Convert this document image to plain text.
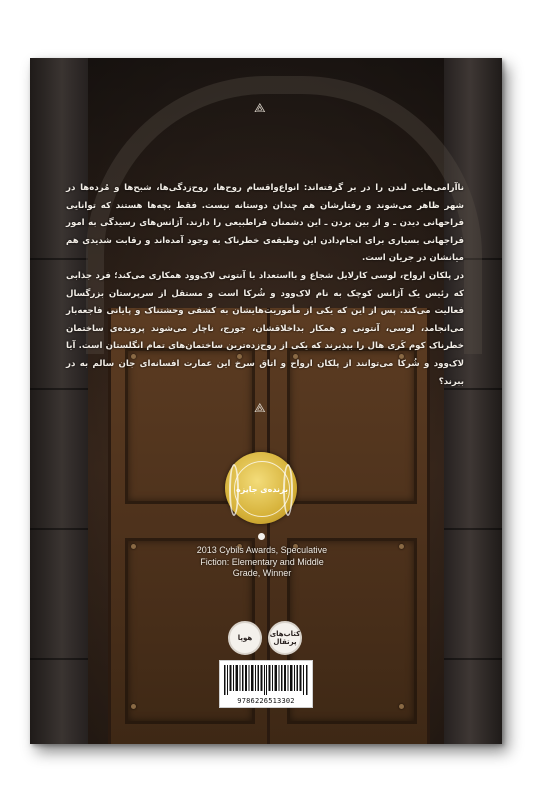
⟁

ناآرامی‌هایی لندن را در بر گرفته‌اند: انواع‌واقسام روح‌ها، روح‌زدگی‌ها، شبح‌ها و مُرده‌ها در شهر ظاهر می‌شوند و رفتارشان هم چندان دوستانه نیست. فقط بچه‌ها هستند که توانایی فراحهانی دیدن ـ و از بین بردن ـ این دشمنان فراطبیعی را دارند. آژانس‌های رسیدگی به امور فراجهانی بسیاری برای انجام‌دادن این وظیفه‌ی خطرناک به وجود آمده‌اند و رقابت شدیدی هم میانشان در جریان است.

در پلکان ارواح، لوسی کارلایل شجاع و بااستعداد با آنتونی لاک‌وود همکاری می‌کند؛ فرد جذابی که رئیس یک آژانس کوچک به نام لاک‌وود و شُرکا است و مستقل از سرپرستان بزرگسال فعالیت می‌کند. پس از این که یکی از مأموریت‌هایشان به کشفی وحشتناک و پایانی فاجعه‌بار می‌انجامد، لوسی، آنتونی و همکار بداخلاقشان، جورج، ناچار می‌شوند پرونده‌ی ساختمان خطرناک کوم کَری هال را بپذیرند که یکی از روح‌زده‌ترین ساختمان‌های تمام انگلستان است. آیا لاک‌وود و شُرکا می‌توانند از پلکان ارواح و اتاق سرخ این عمارت افسانه‌ای جان سالم به در ببرند؟

⟁
برنده‌ی جایزه
2013 Cybils Awards, Speculative Fiction: Elementary and Middle Grade, Winner
هوپا	کتاب‌های پرتقال
9786226513302
